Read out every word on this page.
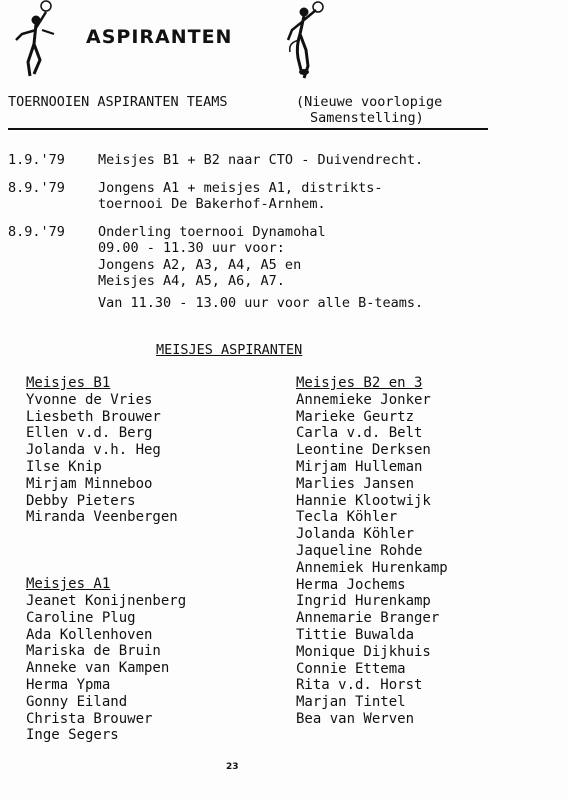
ASPIRANTEN
TOERNOOIEN ASPIRANTEN TEAMS	(Nieuwe voorlopige
Samenstelling)
1.9.'79 Meisjes B1 + B2 naar CTO - Duivendrecht.
8.9.'79 Jongens A1 + meisjes A1, distrikts-
toernooi De Bakerhof-Arnhem.
8.9.'79 Onderling toernooi Dynamohal
09.00 - 11.30 uur voor:
Jongens A2, A3, A4, A5 en
Meisjes A4, A5, A6, A7.
Van 11.30 - 13.00 uur voor alle B-teams.
MEISJES ASPIRANTEN
Meisjes B1
Yvonne de Vries
Liesbeth Brouwer
Ellen v.d. Berg
Jolanda v.h. Heg
Ilse Knip
Mirjam Minneboo
Debby Pieters
Miranda Veenbergen
Meisjes A1
Jeanet Konijnenberg
Caroline Plug
Ada Kollenhoven
Mariska de Bruin
Anneke van Kampen
Herma Ypma
Gonny Eiland
Christa Brouwer
Inge Segers
Meisjes B2 en 3
Annemieke Jonker
Marieke Geurtz
Carla v.d. Belt
Leontine Derksen
Mirjam Hulleman
Marlies Jansen
Hannie Klootwijk
Tecla Köhler
Jolanda Köhler
Jaqueline Rohde
Annemiek Hurenkamp
Herma Jochems
Ingrid Hurenkamp
Annemarie Branger
Tittie Buwalda
Monique Dijkhuis
Connie Ettema
Rita v.d. Horst
Marjan Tintel
Bea van Werven
23
